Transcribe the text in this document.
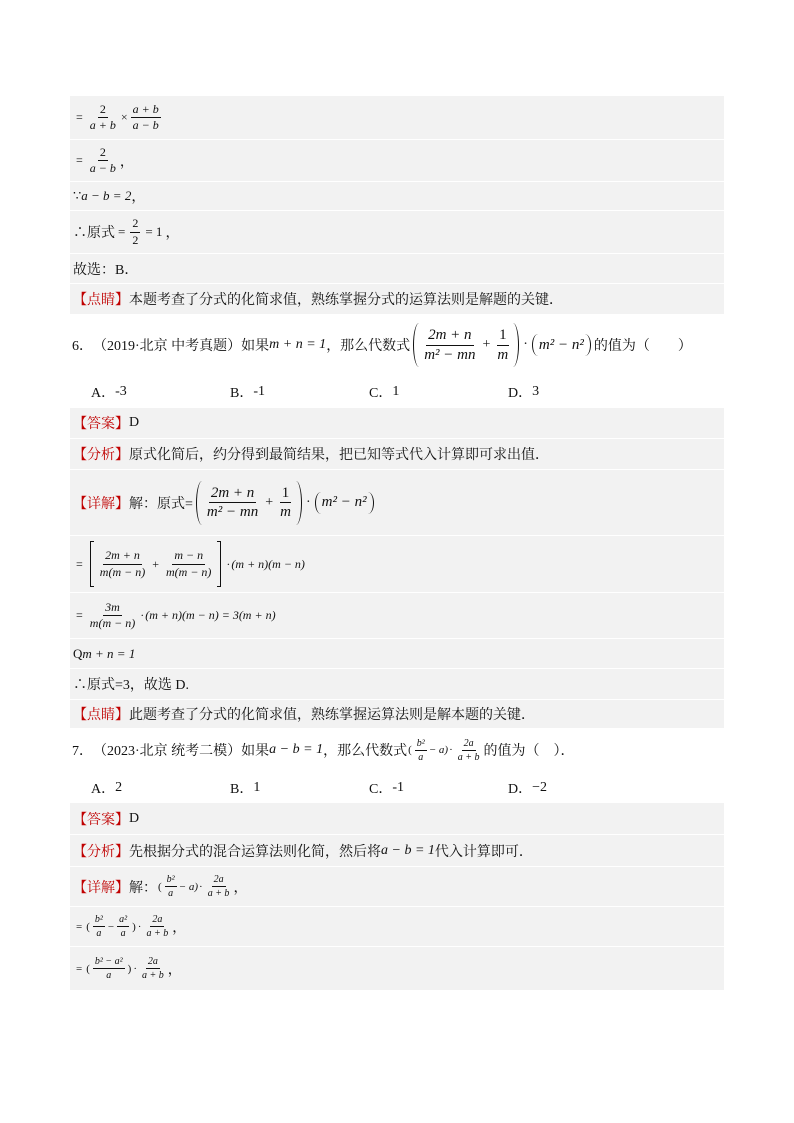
= $\frac{2}{a + b} \times \frac{a + b}{a - b}$
= $\frac{2}{a - b}$ ，
∵ a − b = 2 ，
∴原式 = $\frac{2}{2} = 1$ ，
故选：B．
【点睛】 本题考查了分式的化简求值，熟练掌握分式的运算法则是解题的关键．
6． （2019·北京 中考真题） 如果 m + n = 1 ，那么代数式 $\frac{2m + n}{\text{m² − mn}} + \frac{1}{m} \cdot m^2 - n^2$ 的值为（　　）
A． -3	B． -1	C． 1	D． 3
【答案】 D
【分析】 原式化简后，约分得到最简结果，把已知等式代入计算即可求出值．
【详解】 解：原式= $\frac{2m + n}{\text{m² − mn}} + \frac{1}{m} \cdot m^2 - n^2$
= $\frac{2m + n}{m(m - n)} + \frac{m - n}{m(m - n)} \cdot (m + n)(m - n)$
= $\frac{3m}{m(m - n)} \cdot (m + n)(m - n) = 3(m + n)$
Q m + n = 1
∴原式=3，故选 D.
【点睛】 此题考查了分式的化简求值，熟练掌握运算法则是解本题的关键．
7． （2023·北京 统考二模） 如果 a − b = 1 ，那么代数式 ( $\frac{\text{b²}}{a} - a) \cdot \frac{2a}{a + b}$ 的值为（　）．
A． 2	B． 1	C． -1	D． −2
【答案】 D
【分析】 先根据分式的混合运算法则化简，然后将 a − b = 1 代入计算即可．
【详解】 解： ( $\frac{\text{b²}}{a} - a) \cdot \frac{2a}{a + b}$ ，
= ( $\frac{\text{b²}}{a} - \frac{\text{a²}}{a}$ ) · $\frac{2a}{a + b}$ ，
= ( $\frac{\text{b² − a²}}{a}$ ) · $\frac{2a}{a + b}$ ，
